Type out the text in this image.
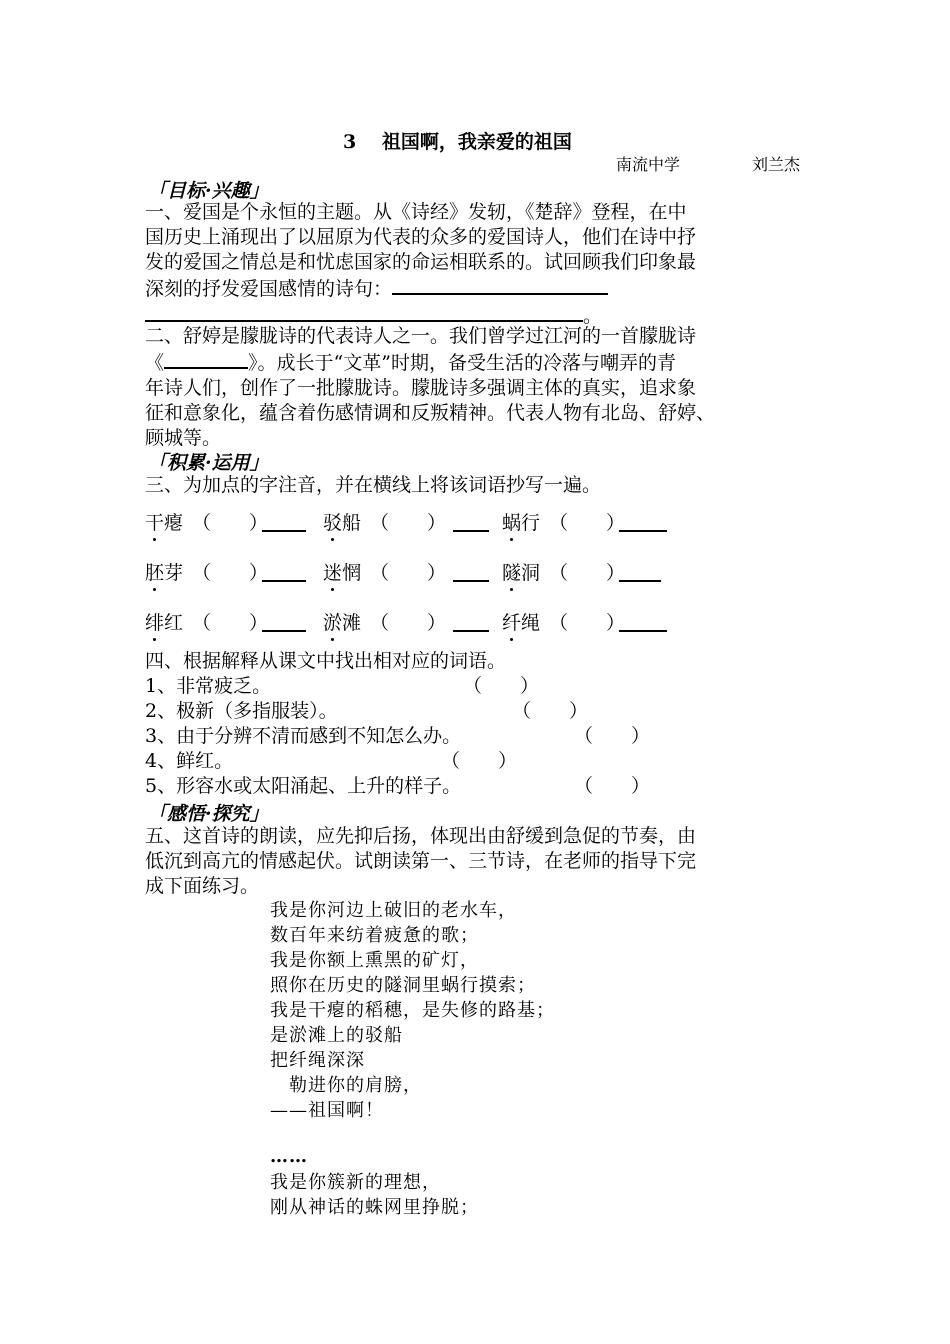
3　 祖国啊，我亲爱的祖国
南流中学	刘兰杰
「目标·兴趣」
一、爱国是个永恒的主题。从《诗经》发轫，《楚辞》登程，在中
国历史上涌现出了以屈原为代表的众多的爱国诗人，他们在诗中抒
发的爱国之情总是和忧虑国家的命运相联系的。试回顾我们印象最
深刻的抒发爱国感情的诗句：
。
二、舒婷是朦胧诗的代表诗人之一。我们曾学过江河的一首朦胧诗
《	》。成长于“文革”时期，备受生活的冷落与嘲弄的青
年诗人们，创作了一批朦胧诗。朦胧诗多强调主体的真实，追求象
征和意象化，蕴含着伤感情调和反叛精神。代表人物有北岛、舒婷、
顾城等。
「积累·运用」
三、为加点的字注音，并在横线上将该词语抄写一遍。
干瘪 （　　）	驳船 （　　）	蜗行 （　　）
胚芽 （　　）	迷惘 （　　）	隧洞 （　　）
绯红 （　　）	淤滩 （　　）	纤绳 （　　）
四、根据解释从课文中找出相对应的词语。
1、非常疲乏。	（　　）
2、极新（多指服装）。	（　　）
3、由于分辨不清而感到不知怎么办。	（　　）
4、鲜红。	（　　）
5、形容水或太阳涌起、上升的样子。	（　　）
「感悟·探究」
五、这首诗的朗读，应先抑后扬，体现出由舒缓到急促的节奏，由
低沉到高亢的情感起伏。试朗读第一、三节诗，在老师的指导下完
成下面练习。
我是你河边上破旧的老水车，
数百年来纺着疲惫的歌；
我是你额上熏黑的矿灯，
照你在历史的隧洞里蜗行摸索；
我是干瘪的稻穗，是失修的路基；
是淤滩上的驳船
把纤绳深深
　勒进你的肩膀，
——祖国啊！
……
我是你簇新的理想，
刚从神话的蛛网里挣脱；
